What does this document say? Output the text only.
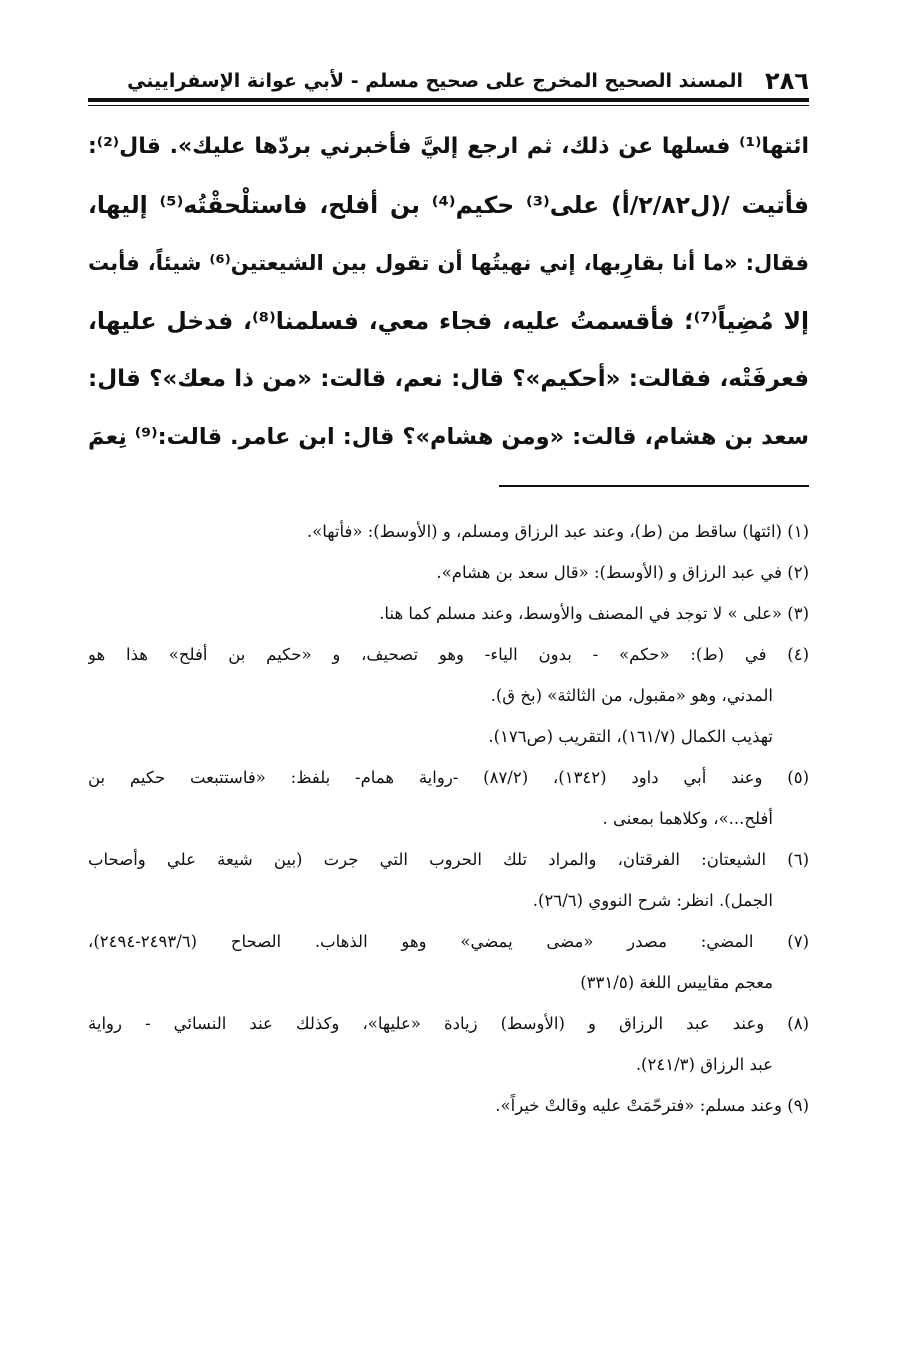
٢٨٦
المسند الصحيح المخرج على صحيح مسلم - لأبي عوانة الإسفراييني
ائتها⁽¹⁾ فسلها عن ذلك، ثم ارجع إليَّ فأخبرني بردّها عليك». قال⁽²⁾:
فأتيت /(ل٢/٨٢/أ) على⁽³⁾ حكيم⁽⁴⁾ بن أفلح، فاستلْحقْتُه⁽⁵⁾ إليها،
فقال: «ما أنا بقارِبها، إني نهيتُها أن تقول بين الشيعتين⁽⁶⁾ شيئاً، فأبت
إلا مُضِياً⁽⁷⁾؛ فأقسمتُ عليه، فجاء معي، فسلمنا⁽⁸⁾، فدخل عليها،
فعرفَتْه، فقالت: «أحكيم»؟ قال: نعم، قالت: «من ذا معك»؟ قال:
سعد بن هشام، قالت: «ومن هشام»؟ قال: ابن عامر. قالت:⁽⁹⁾ نِعمَ
(١) (ائتها) ساقط من (ط)، وعند عبد الرزاق ومسلم، و (الأوسط): «فأتها».
(٢) في عبد الرزاق و (الأوسط): «قال سعد بن هشام».
(٣) «على » لا توجد في المصنف والأوسط، وعند مسلم كما هنا.
(٤) في (ط): «حكم» - بدون الياء- وهو تصحيف، و «حكيم بن أفلح» هذا هو
المدني، وهو «مقبول، من الثالثة» (بخ ق).
تهذيب الكمال (١٦١/٧)، التقريب (ص١٧٦).
(٥) وعند أبي داود (١٣٤٢)، (٨٧/٢) -رواية همام- بلفظ: «فاستتبعت حكيم بن
أفلح...»، وكلاهما بمعنى .
(٦) الشيعتان: الفرقتان، والمراد تلك الحروب التي جرت (بين شيعة علي وأصحاب
الجمل). انظر: شرح النووي (٢٦/٦).
(٧) المضي: مصدر «مضى يمضي» وهو الذهاب. الصحاح (٢٤٩٣/٦-٢٤٩٤)،
معجم مقاييس اللغة (٣٣١/٥)
(٨) وعند عبد الرزاق و (الأوسط) زيادة «عليها»، وكذلك عند النسائي - رواية
عبد الرزاق (٢٤١/٣).
(٩) وعند مسلم: «فترحّمَتْ عليه وقالتْ خيراً».
